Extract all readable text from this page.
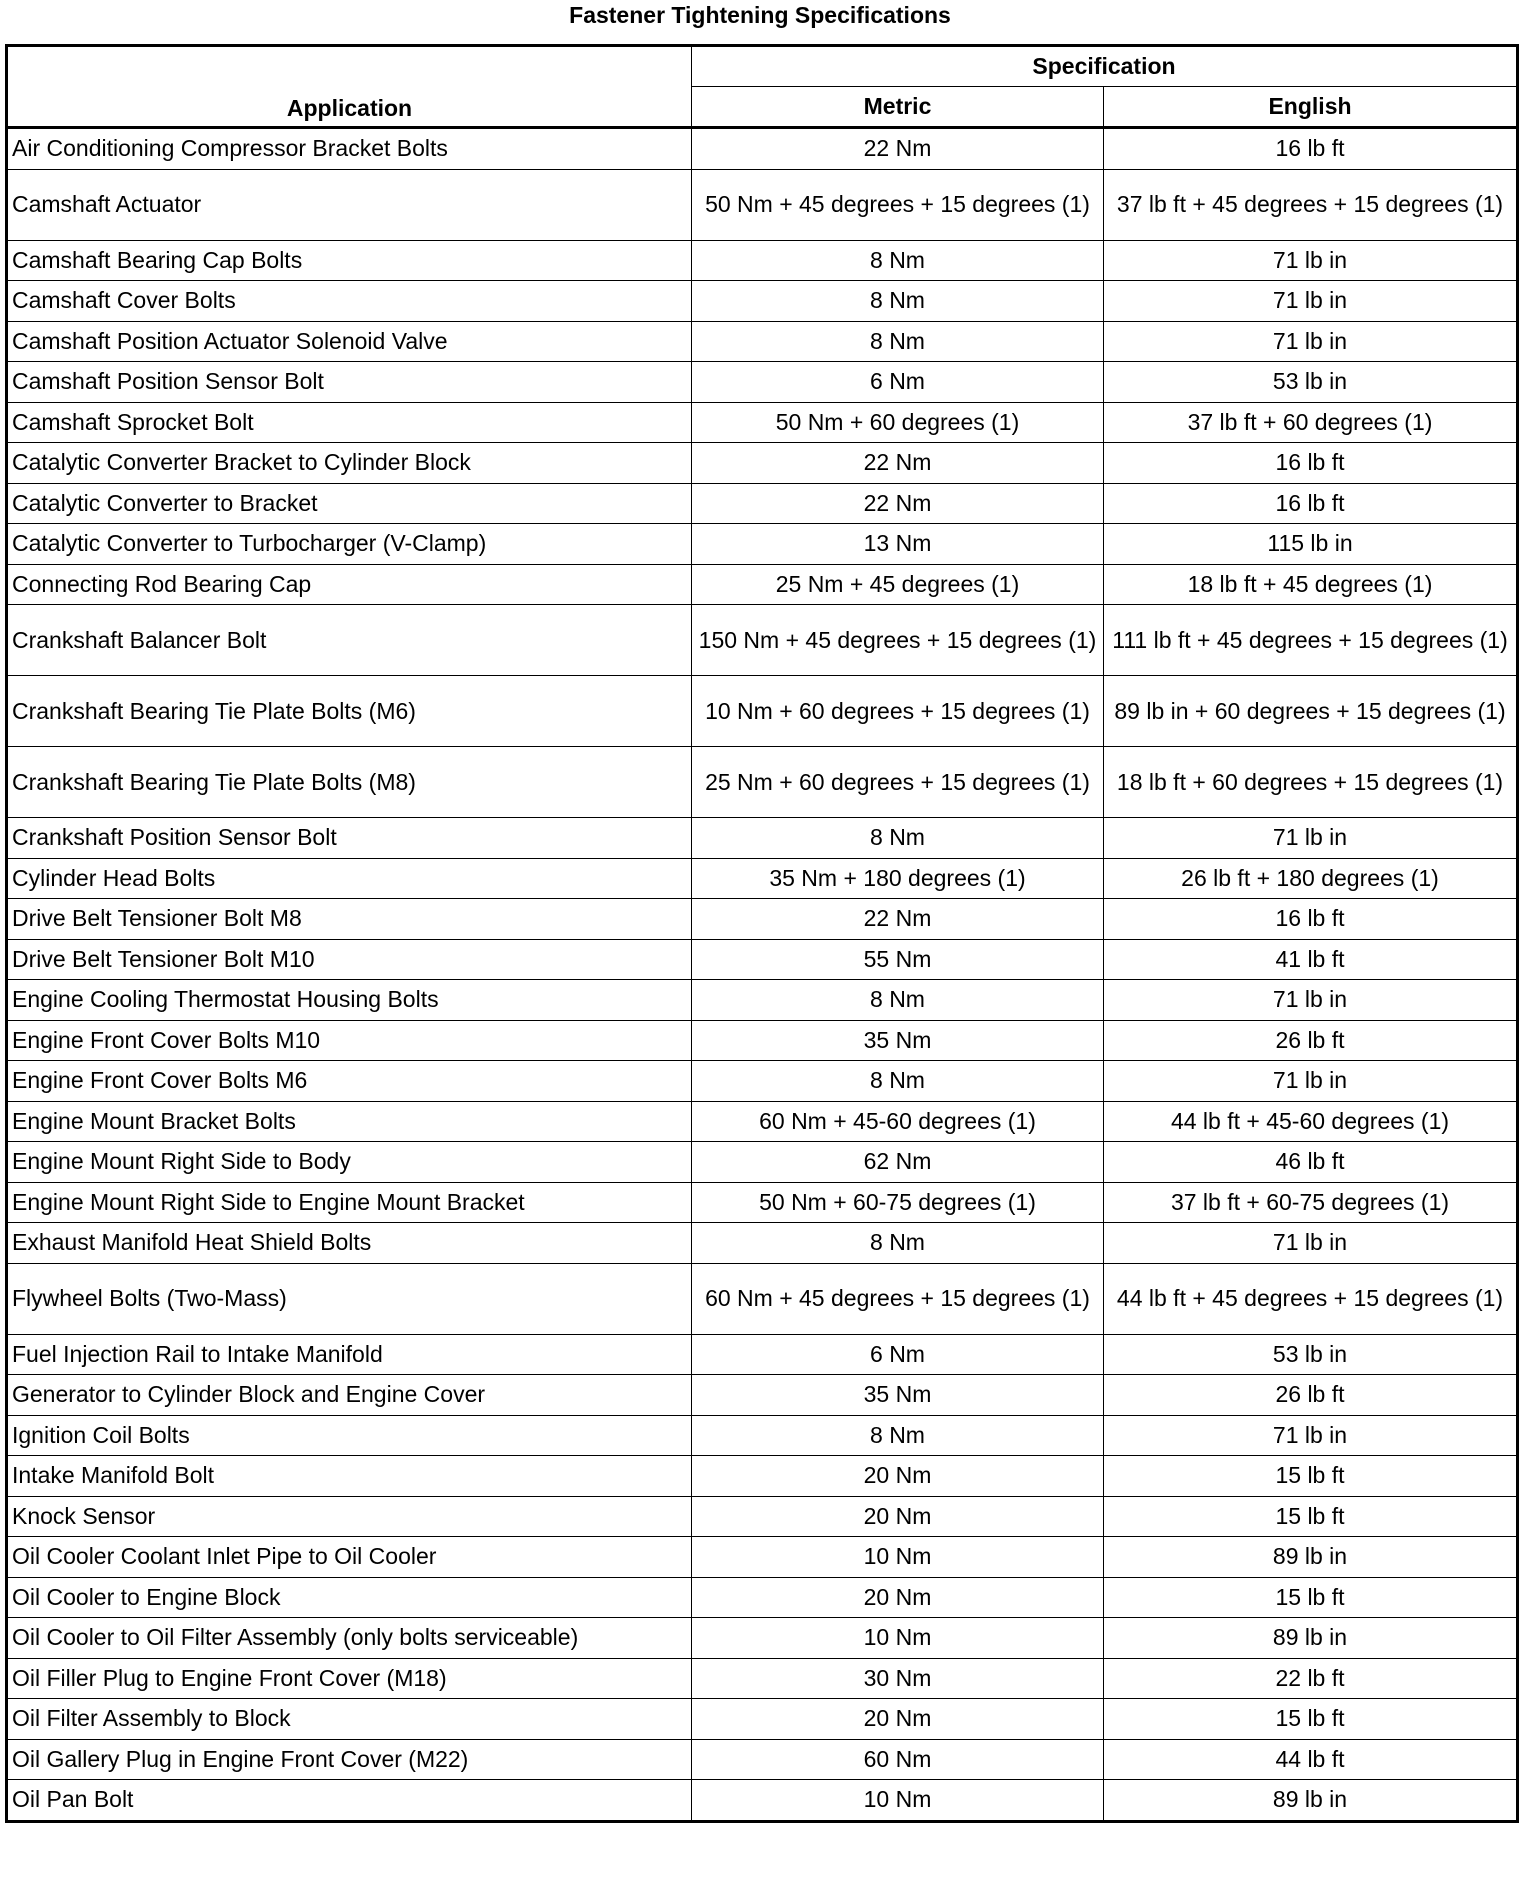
Fastener Tightening Specifications
Application	Specification	
	Metric	English
Air Conditioning Compressor Bracket Bolts	22 Nm	16 lb ft
Camshaft Actuator	50 Nm + 45 degrees + 15 degrees (1)	37 lb ft + 45 degrees + 15 degrees (1)
Camshaft Bearing Cap Bolts	8 Nm	71 lb in
Camshaft Cover Bolts	8 Nm	71 lb in
Camshaft Position Actuator Solenoid Valve	8 Nm	71 lb in
Camshaft Position Sensor Bolt	6 Nm	53 lb in
Camshaft Sprocket Bolt	50 Nm + 60 degrees (1)	37 lb ft + 60 degrees (1)
Catalytic Converter Bracket to Cylinder Block	22 Nm	16 lb ft
Catalytic Converter to Bracket	22 Nm	16 lb ft
Catalytic Converter to Turbocharger (V-Clamp)	13 Nm	115 lb in
Connecting Rod Bearing Cap	25 Nm + 45 degrees (1)	18 lb ft + 45 degrees (1)
Crankshaft Balancer Bolt	150 Nm + 45 degrees + 15 degrees (1)	111 lb ft + 45 degrees + 15 degrees (1)
Crankshaft Bearing Tie Plate Bolts (M6)	10 Nm + 60 degrees + 15 degrees (1)	89 lb in + 60 degrees + 15 degrees (1)
Crankshaft Bearing Tie Plate Bolts (M8)	25 Nm + 60 degrees + 15 degrees (1)	18 lb ft + 60 degrees + 15 degrees (1)
Crankshaft Position Sensor Bolt	8 Nm	71 lb in
Cylinder Head Bolts	35 Nm + 180 degrees (1)	26 lb ft + 180 degrees (1)
Drive Belt Tensioner Bolt M8	22 Nm	16 lb ft
Drive Belt Tensioner Bolt M10	55 Nm	41 lb ft
Engine Cooling Thermostat Housing Bolts	8 Nm	71 lb in
Engine Front Cover Bolts M10	35 Nm	26 lb ft
Engine Front Cover Bolts M6	8 Nm	71 lb in
Engine Mount Bracket Bolts	60 Nm + 45-60 degrees (1)	44 lb ft + 45-60 degrees (1)
Engine Mount Right Side to Body	62 Nm	46 lb ft
Engine Mount Right Side to Engine Mount Bracket	50 Nm + 60-75 degrees (1)	37 lb ft + 60-75 degrees (1)
Exhaust Manifold Heat Shield Bolts	8 Nm	71 lb in
Flywheel Bolts (Two-Mass)	60 Nm + 45 degrees + 15 degrees (1)	44 lb ft + 45 degrees + 15 degrees (1)
Fuel Injection Rail to Intake Manifold	6 Nm	53 lb in
Generator to Cylinder Block and Engine Cover	35 Nm	26 lb ft
Ignition Coil Bolts	8 Nm	71 lb in
Intake Manifold Bolt	20 Nm	15 lb ft
Knock Sensor	20 Nm	15 lb ft
Oil Cooler Coolant Inlet Pipe to Oil Cooler	10 Nm	89 lb in
Oil Cooler to Engine Block	20 Nm	15 lb ft
Oil Cooler to Oil Filter Assembly (only bolts serviceable)	10 Nm	89 lb in
Oil Filler Plug to Engine Front Cover (M18)	30 Nm	22 lb ft
Oil Filter Assembly to Block	20 Nm	15 lb ft
Oil Gallery Plug in Engine Front Cover (M22)	60 Nm	44 lb ft
Oil Pan Bolt	10 Nm	89 lb in
